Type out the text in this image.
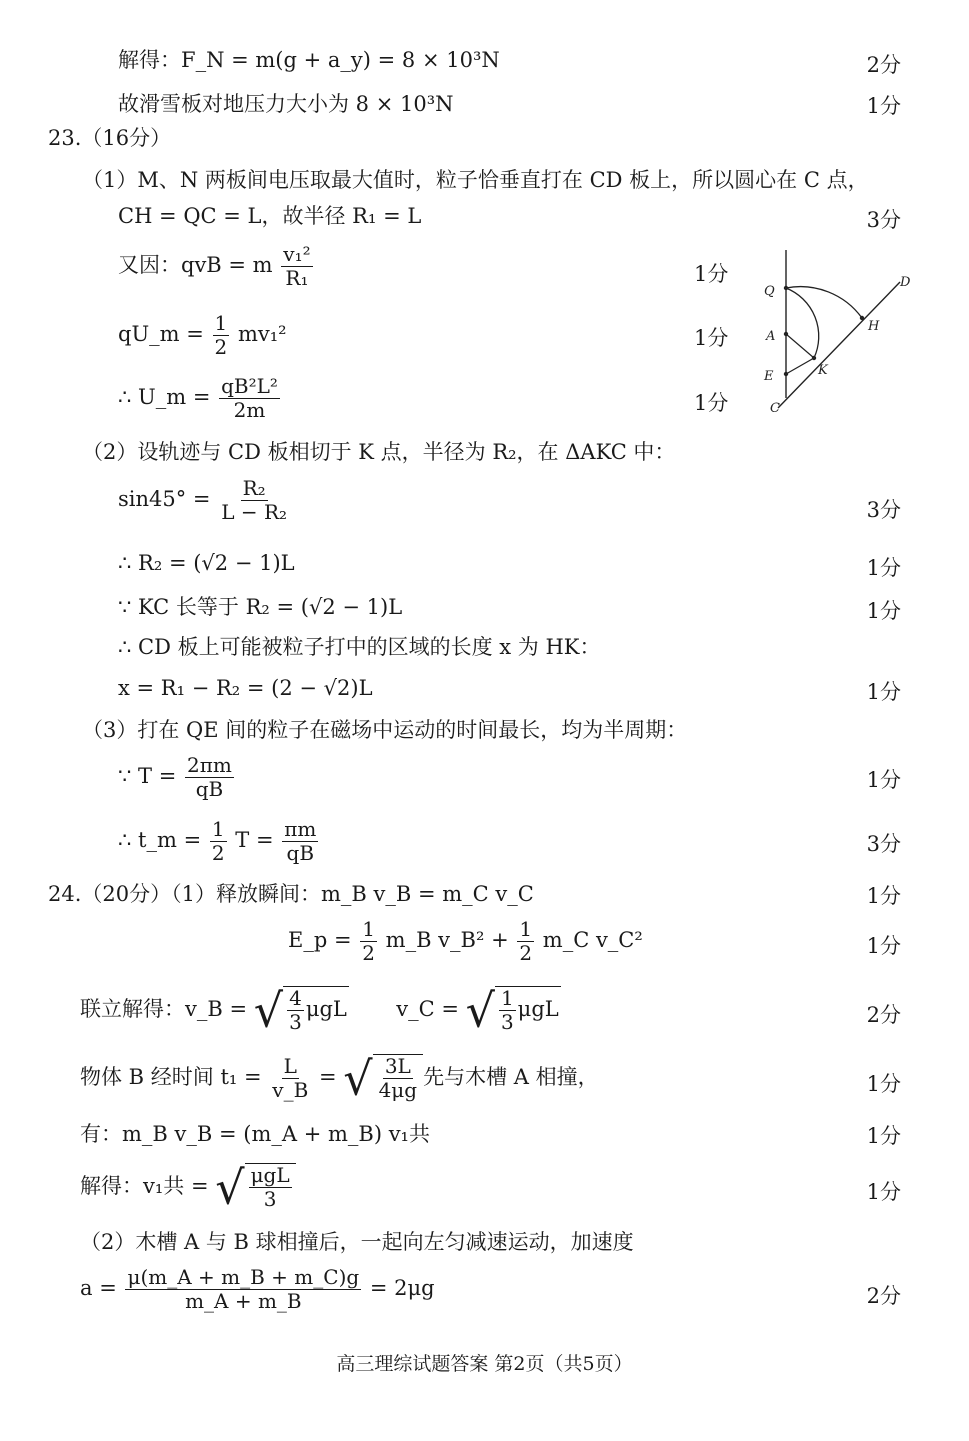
解得：F_N = m(g + a_y) = 8 × 10³N	2分
故滑雪板对地压力大小为 8 × 10³N	1分
23.（16分）
（1）M、N 两板间电压取最大值时，粒子恰垂直打在 CD 板上，所以圆心在 C 点，
CH = QC = L，故半径 R₁ = L	3分
又因：qvB = m $\frac{\text{v₁²}}{\text{R₁}}$	1分
qU_m = $\frac{1}{2} mv_1^2$	1分
∴ U_m = $\frac{\text{qB²L²}}{2m}$	1分
Q
A
E
C
K
H
D
（2）设轨迹与 CD 板相切于 K 点，半径为 R₂，在 ΔAKC 中：
$\sin 45^\circ = \frac{\text{R₂}}{\text{L − R₂}}$	3分
∴ R₂ = (√2 − 1)L	1分
∵ KC 长等于 R₂ = (√2 − 1)L	1分
∴ CD 板上可能被粒子打中的区域的长度 x 为 HK：
x = R₁ − R₂ = (2 − √2)L	1分
（3）打在 QE 间的粒子在磁场中运动的时间最长，均为半周期：
∵ $T = \frac{2\pi m}{qB}$	1分
∴ t_m = $\frac{1}{2}$ $T = \frac{\pi m}{qB}$	3分
24.（20分）（1）释放瞬间：m_B v_B = m_C v_C	1分
E_p = $\frac{1}{2}$ m_B v_B² + $\frac{1}{2}$ m_C v_C²	1分
联立解得：v_B = √ $\frac{4}{3}$ μgL v_C = √ $\frac{1}{3}$ μgL	2分
物体 B 经时间 $t_1 = \frac{L}{v\_B}$ = √ $\frac{3L}{4\mu g}$ 先与木槽 A 相撞，	1分
有：m_B v_B = (m_A + m_B) v₁共	1分
解得：v₁共 = √ $\frac{\text{μgL}}{3}$	1分
（2）木槽 A 与 B 球相撞后，一起向左匀减速运动，加速度
$a = \frac{\mu(m\_A + m\_B + m\_C)g}{m\_A + m\_B} = 2\mu g$	2分
高三理综试题答案 第2页（共5页）
